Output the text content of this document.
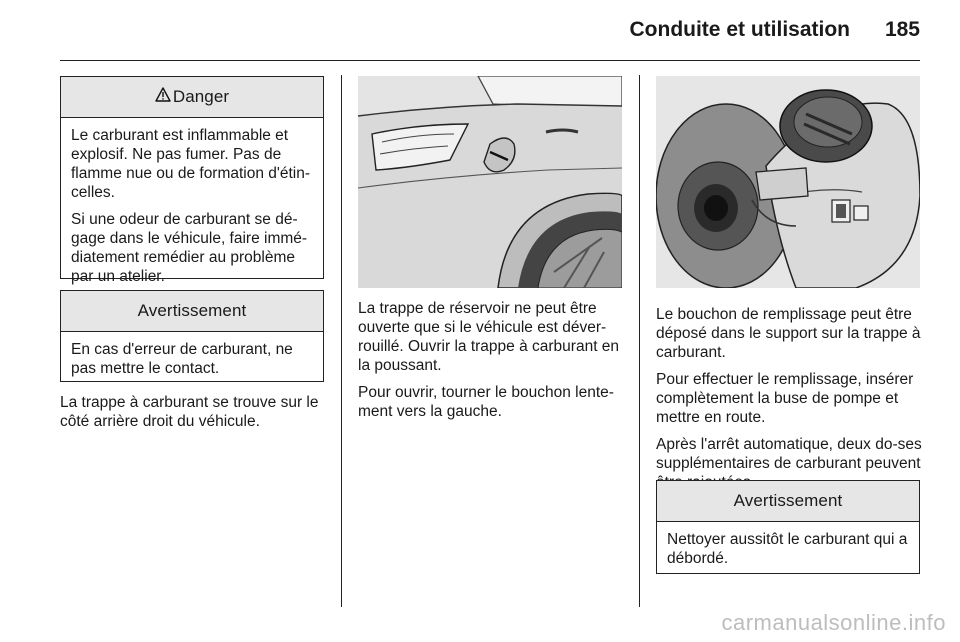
Conduite et utilisation 185
Danger

Le carburant est inflammable et explosif. Ne pas fumer. Pas de flamme nue ou de formation d'étin-celles.

Si une odeur de carburant se dé-gage dans le véhicule, faire immé-diatement remédier au problème par un atelier.

Avertissement

En cas d'erreur de carburant, ne pas mettre le contact.

La trappe à carburant se trouve sur le côté arrière droit du véhicule.

La trappe de réservoir ne peut être ouverte que si le véhicule est déver-rouillé. Ouvrir la trappe à carburant en la poussant.

Pour ouvrir, tourner le bouchon lente-ment vers la gauche.

Le bouchon de remplissage peut être déposé dans le support sur la trappe à carburant.

Pour effectuer le remplissage, insérer complètement la buse de pompe et mettre en route.

Après l'arrêt automatique, deux do-ses supplémentaires de carburant peuvent

Avertissement

Nettoyer aussitôt le carburant qui a débordé.

carmanualsonline.info
